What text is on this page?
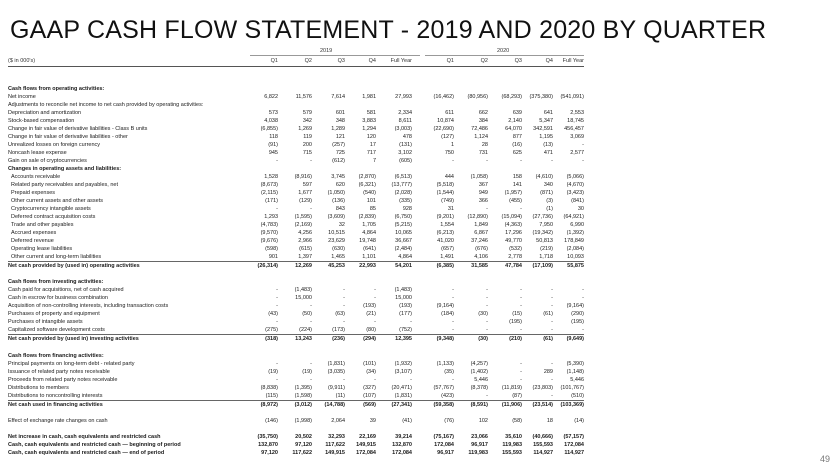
GAAP CASH FLOW STATEMENT - 2019 AND 2020 BY QUARTER
2019	2020
($ in 000's)	Q1	Q2	Q3	Q4	Full Year	Q1	Q2	Q3	Q4	Full Year
Cash flows from operating activities:
Net income	6,822	11,576	7,614	1,981	27,993	(16,462)	(80,956)	(68,293)	(375,380)	(541,091)
Adjustments to reconcile net income to net cash provided by operating activities:
Depreciation and amortization	573	579	601	581	2,334	611	662	639	641	2,553
Stock-based compensation	4,038	342	348	3,883	8,611	10,874	384	2,140	5,347	18,745
Change in fair value of derivative liabilities - Class B units	(6,855)	1,269	1,289	1,294	(3,003)	(22,690)	72,486	64,070	342,591	456,457
Change in fair value of derivative liabilities - other	118	119	121	120	478	(127)	1,124	877	1,195	3,069
Unrealized losses on foreign currency	(91)	200	(257)	17	(131)	1	28	(16)	(13)	-
Noncash lease expense	945	715	725	717	3,102	750	731	625	471	2,577
Gain on sale of cryptocurrencies	-	-	(612)	7	(605)	-	-	-	-	-
Changes in operating assets and liabilities:
Accounts receivable	1,528	(8,916)	3,745	(2,870)	(6,513)	444	(1,058)	158	(4,610)	(5,066)
Related party receivables and payables, net	(8,673)	597	620	(6,321)	(13,777)	(5,518)	367	141	340	(4,670)
Prepaid expenses	(2,115)	1,677	(1,050)	(540)	(2,028)	(1,544)	949	(1,957)	(871)	(3,423)
Other current assets and other assets	(171)	(129)	(136)	101	(335)	(749)	366	(455)	(3)	(841)
Cryptocurrency intangible assets	-	-	843	85	928	31	-	-	(1)	30
Deferred contract acquisition costs	1,293	(1,595)	(3,609)	(2,839)	(6,750)	(9,201)	(12,890)	(15,094)	(27,736)	(64,921)
Trade and other payables	(4,783)	(2,169)	32	1,705	(5,215)	1,554	1,849	(4,363)	7,950	6,990
Accrued expenses	(9,570)	4,256	10,515	4,864	10,065	(6,213)	6,867	17,296	(19,342)	(1,392)
Deferred revenue	(9,676)	2,966	23,629	19,748	36,667	41,020	37,246	49,770	50,813	178,849
Operating lease liabilities	(598)	(615)	(630)	(641)	(2,484)	(657)	(676)	(532)	(219)	(2,084)
Other current and long-term liabilities	901	1,397	1,465	1,101	4,864	1,491	4,106	2,778	1,718	10,093
Net cash provided by (used in) operating activities	(26,314)	12,269	45,253	22,993	54,201	(6,385)	31,585	47,784	(17,109)	55,875
Cash flows from investing activities:
Cash paid for acquisitions, net of cash acquired	-	(1,483)	-	-	(1,483)	-	-	-	-	-
Cash in escrow for business combination	-	15,000	-	-	15,000	-	-	-	-	-
Acquisition of non-controlling interests, including transaction costs	-	-	-	(193)	(193)	(9,164)	-	-	-	(9,164)
Purchases of property and equipment	(43)	(50)	(63)	(21)	(177)	(184)	(30)	(15)	(61)	(290)
Purchases of intangible assets	-	-	-	-	-	-	-	(195)	-	(195)
Capitalized software development costs	(275)	(224)	(173)	(80)	(752)	-	-	-	-	-
Net cash provided by (used in) investing activities	(318)	13,243	(236)	(294)	12,395	(9,348)	(30)	(210)	(61)	(9,649)
Cash flows from financing activities:
Principal payments on long-term debt - related party	-	-	(1,831)	(101)	(1,932)	(1,133)	(4,257)	-	-	(5,390)
Issuance of related party notes receivable	(19)	(19)	(3,035)	(34)	(3,107)	(35)	(1,402)	-	289	(1,148)
Proceeds from related party notes receivable	-	-	-	-	-	-	5,446	-	-	5,446
Distributions to members	(8,838)	(1,395)	(9,911)	(327)	(20,471)	(57,767)	(8,378)	(11,819)	(23,803)	(101,767)
Distributions to noncontrolling interests	(115)	(1,598)	(11)	(107)	(1,831)	(423)	-	(87)	-	(510)
Net cash used in financing activities	(8,972)	(3,012)	(14,788)	(569)	(27,341)	(59,358)	(8,591)	(11,906)	(23,514)	(103,369)
Effect of exchange rate changes on cash	(146)	(1,998)	2,064	39	(41)	(76)	102	(58)	18	(14)
Net increase in cash, cash equivalents and restricted cash	(35,750)	20,502	32,293	22,169	39,214	(75,167)	23,066	35,610	(40,666)	(57,157)
Cash, cash equivalents and restricted cash — beginning of period	132,870	97,120	117,622	149,915	132,870	172,084	96,917	119,983	155,593	172,084
Cash, cash equivalents and restricted cash — end of period	97,120	117,622	149,915	172,084	172,084	96,917	119,983	155,593	114,927	114,927
49
